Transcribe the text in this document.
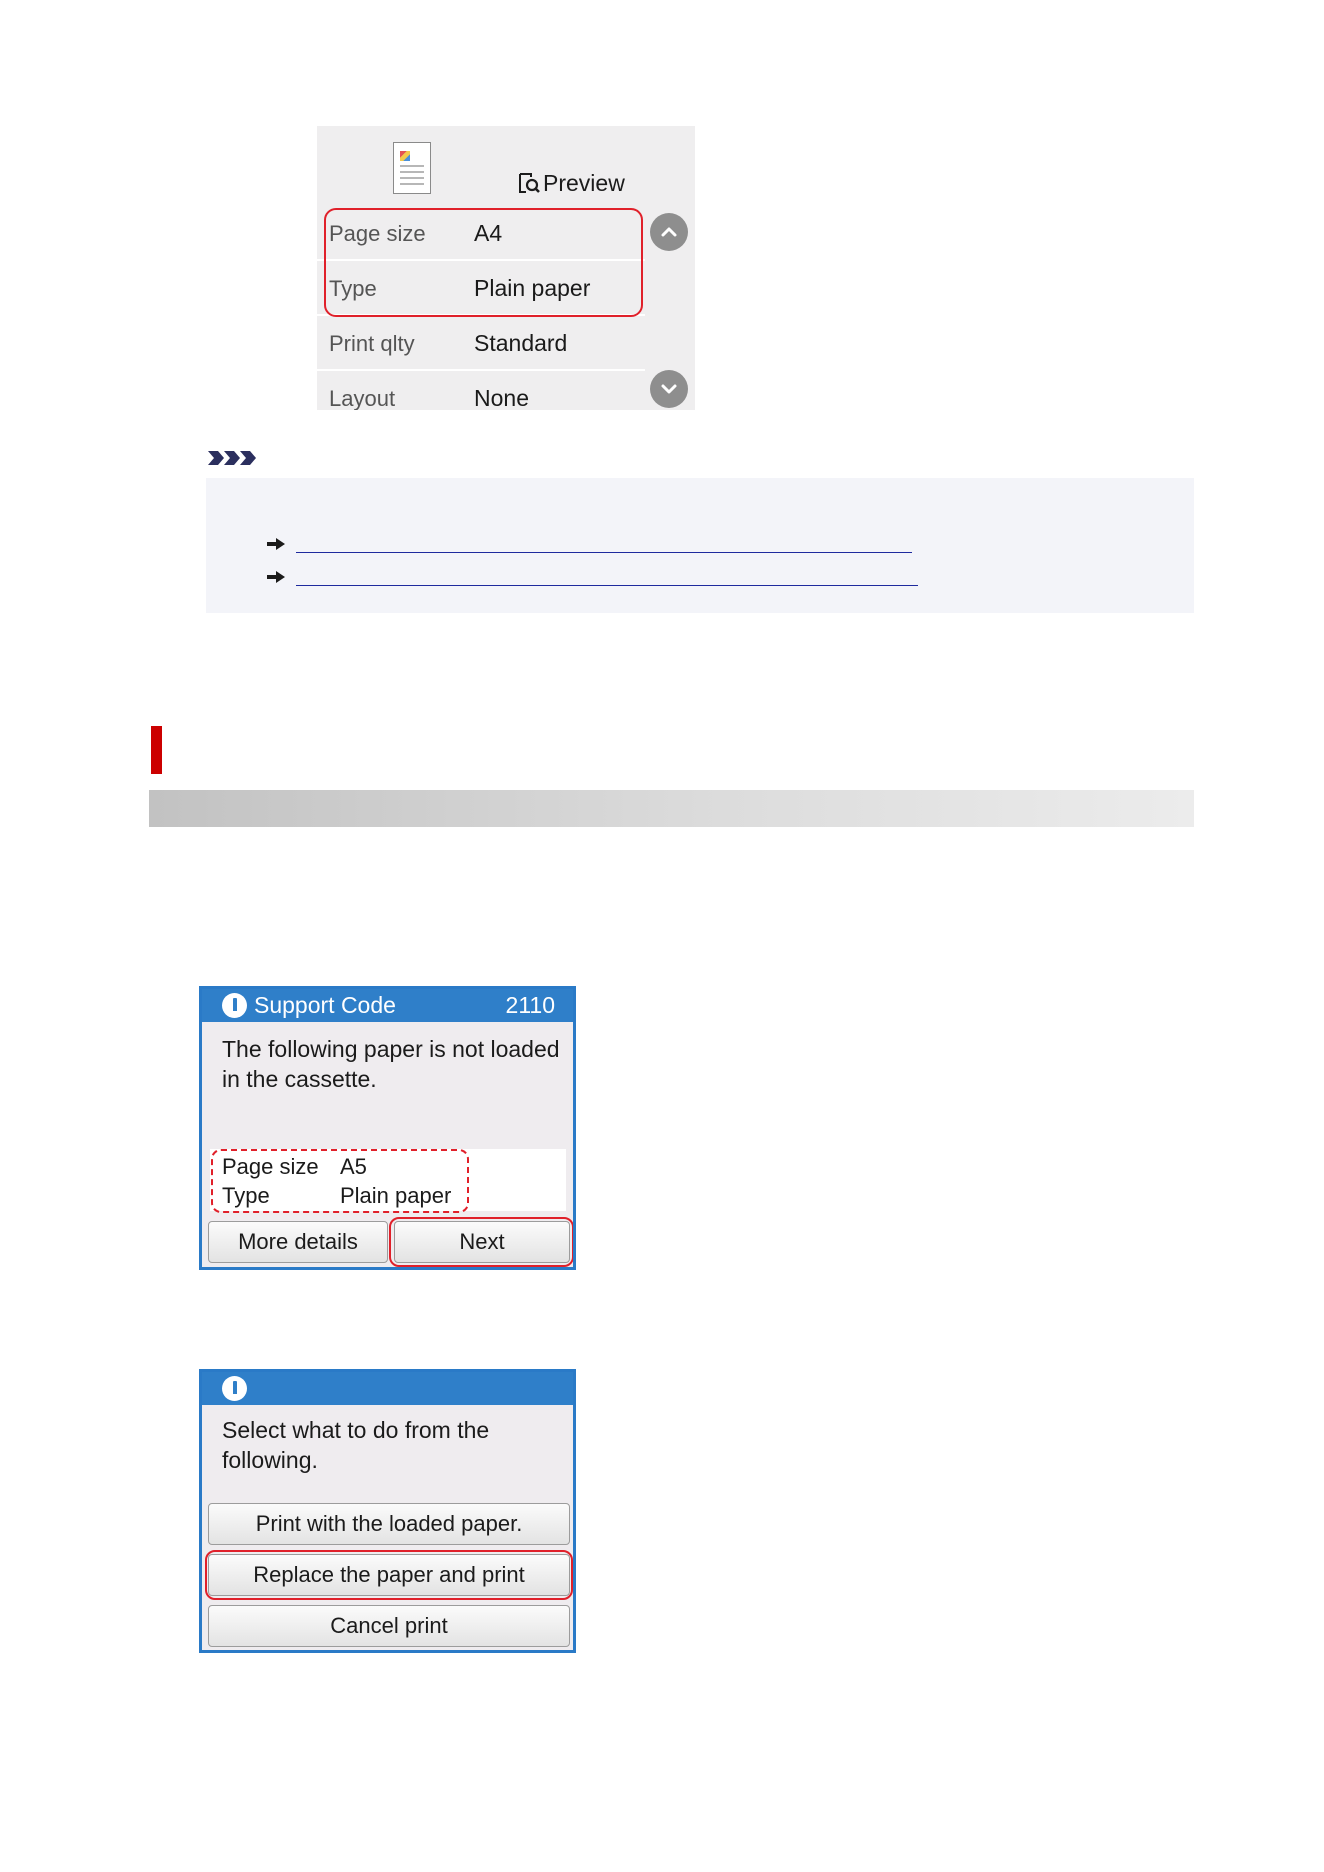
Preview
Page size A4
Type	Plain paper
Print qlty	Standard
Layout	None
Support Code	2110
The following paper is not loaded
in the cassette.
Page size A5
Type	Plain paper
More details	Next
Select what to do from the
following.
Print with the loaded paper.
Replace the paper and print
Cancel print
